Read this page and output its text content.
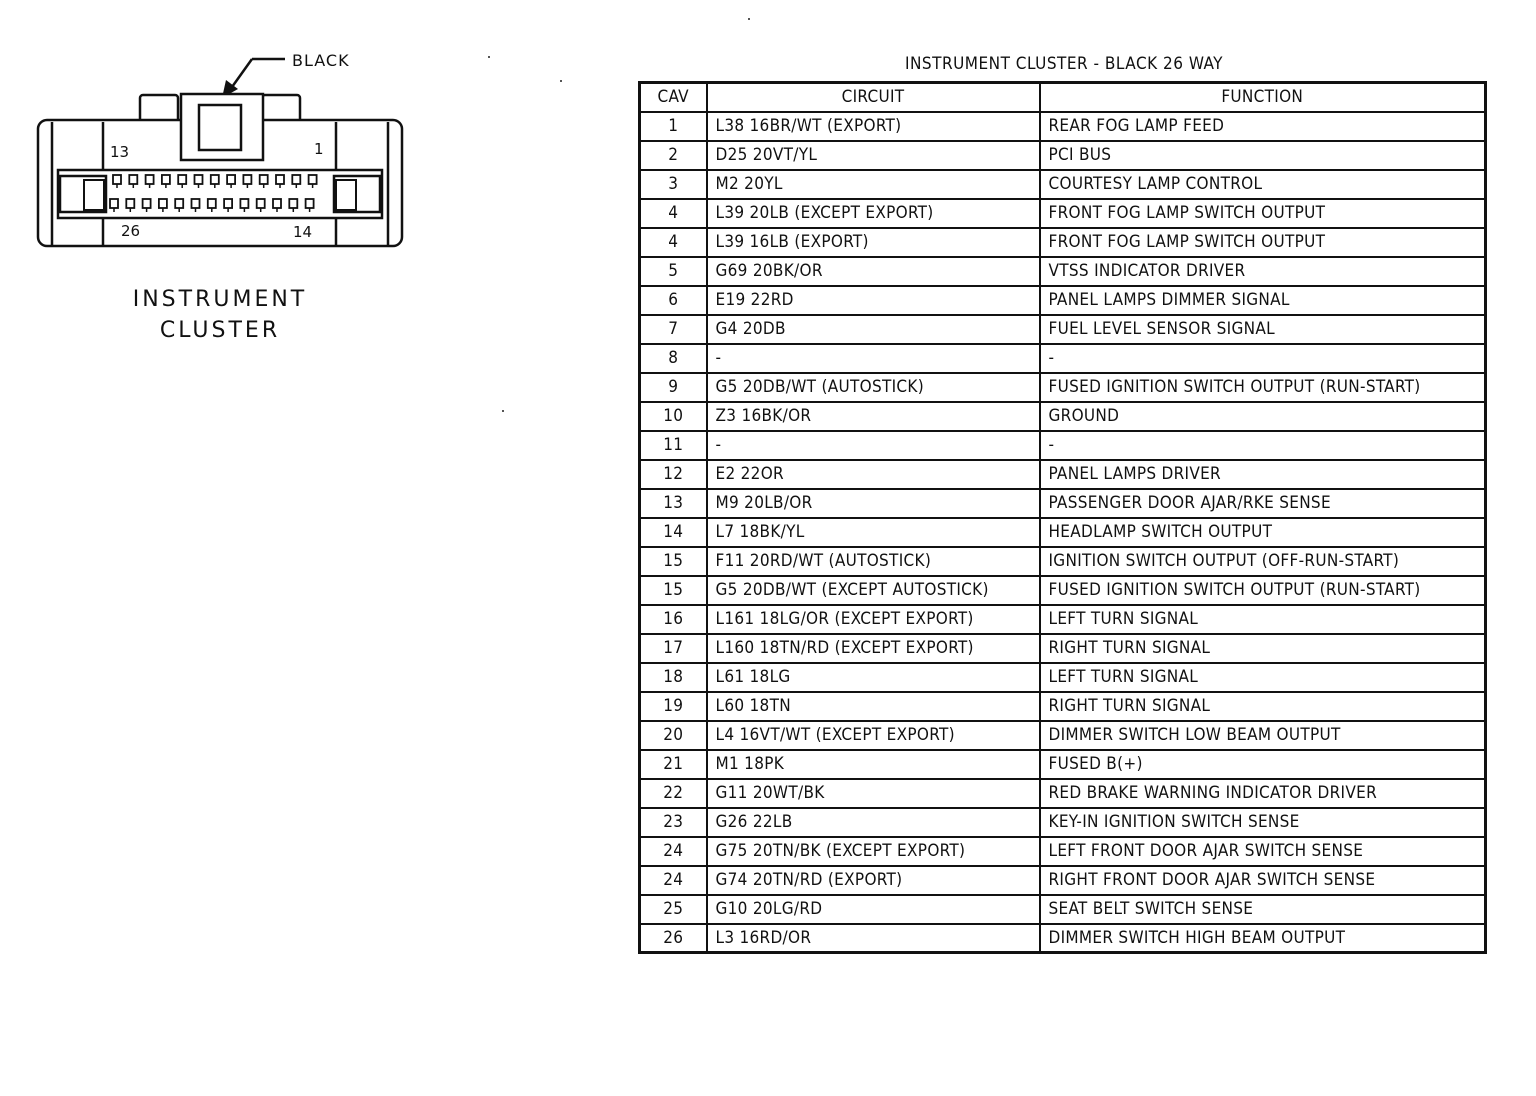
BLACK
13	1
26	14
INSTRUMENT
CLUSTER
INSTRUMENT CLUSTER - BLACK 26 WAY
CAV	CIRCUIT	FUNCTION
1	L38 16BR/WT (EXPORT)	REAR FOG LAMP FEED
2	D25 20VT/YL	PCI BUS
3	M2 20YL	COURTESY LAMP CONTROL
4	L39 20LB (EXCEPT EXPORT)	FRONT FOG LAMP SWITCH OUTPUT
4	L39 16LB (EXPORT)	FRONT FOG LAMP SWITCH OUTPUT
5	G69 20BK/OR	VTSS INDICATOR DRIVER
6	E19 22RD	PANEL LAMPS DIMMER SIGNAL
7	G4 20DB	FUEL LEVEL SENSOR SIGNAL
8	-	-
9	G5 20DB/WT (AUTOSTICK)	FUSED IGNITION SWITCH OUTPUT (RUN-START)
10	Z3 16BK/OR	GROUND
11	-	-
12	E2 22OR	PANEL LAMPS DRIVER
13	M9 20LB/OR	PASSENGER DOOR AJAR/RKE SENSE
14	L7 18BK/YL	HEADLAMP SWITCH OUTPUT
15	F11 20RD/WT (AUTOSTICK)	IGNITION SWITCH OUTPUT (OFF-RUN-START)
15	G5 20DB/WT (EXCEPT AUTOSTICK)	FUSED IGNITION SWITCH OUTPUT (RUN-START)
16	L161 18LG/OR (EXCEPT EXPORT)	LEFT TURN SIGNAL
17	L160 18TN/RD (EXCEPT EXPORT)	RIGHT TURN SIGNAL
18	L61 18LG	LEFT TURN SIGNAL
19	L60 18TN	RIGHT TURN SIGNAL
20	L4 16VT/WT (EXCEPT EXPORT)	DIMMER SWITCH LOW BEAM OUTPUT
21	M1 18PK	FUSED B(+)
22	G11 20WT/BK	RED BRAKE WARNING INDICATOR DRIVER
23	G26 22LB	KEY-IN IGNITION SWITCH SENSE
24	G75 20TN/BK (EXCEPT EXPORT)	LEFT FRONT DOOR AJAR SWITCH SENSE
24	G74 20TN/RD (EXPORT)	RIGHT FRONT DOOR AJAR SWITCH SENSE
25	G10 20LG/RD	SEAT BELT SWITCH SENSE
26	L3 16RD/OR	DIMMER SWITCH HIGH BEAM OUTPUT
